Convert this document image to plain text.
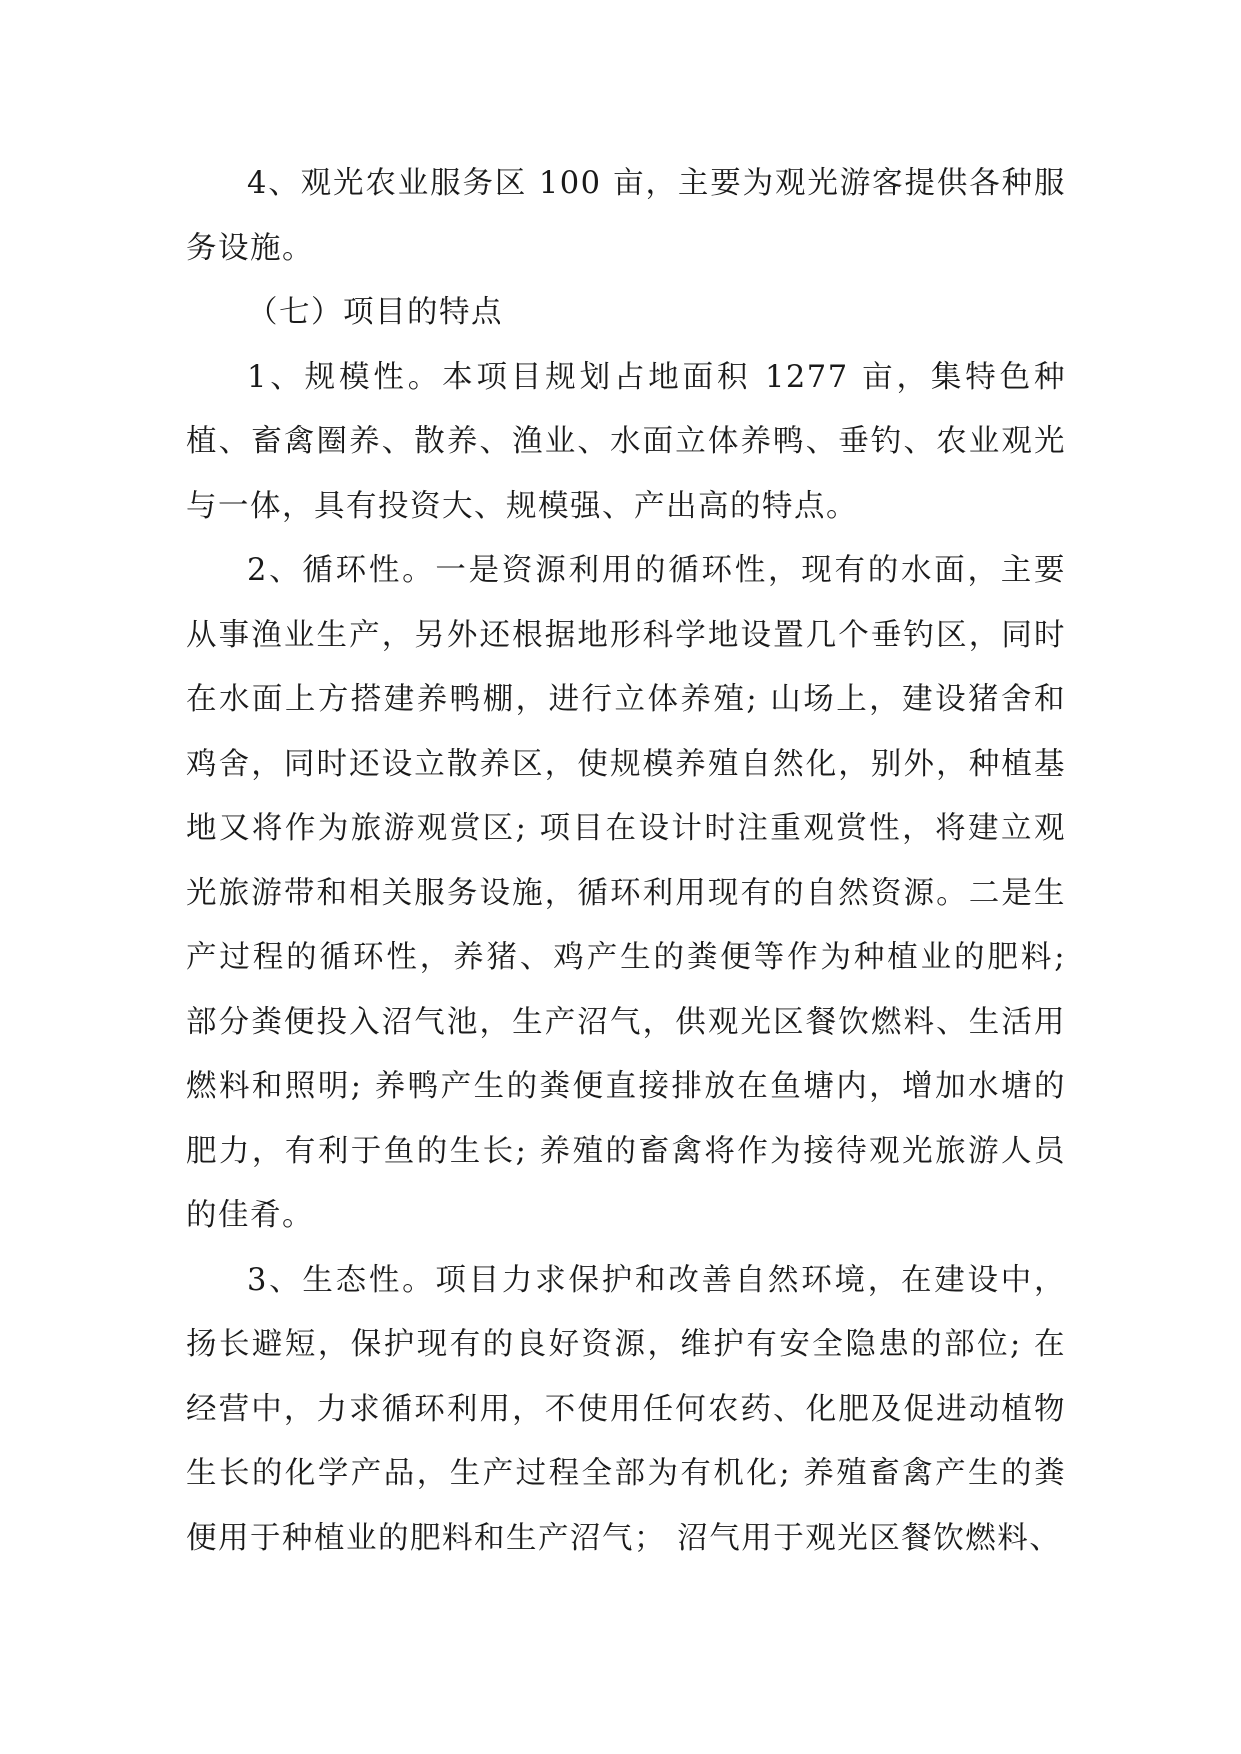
4、观光农业服务区 100 亩，主要为观光游客提供各种服务设施。

（七）项目的特点

1、规模性。本项目规划占地面积 1277 亩，集特色种植、畜禽圈养、散养、渔业、水面立体养鸭、垂钓、农业观光与一体，具有投资大、规模强、产出高的特点。

2、循环性。一是资源利用的循环性，现有的水面，主要从事渔业生产，另外还根据地形科学地设置几个垂钓区，同时在水面上方搭建养鸭棚，进行立体养殖; 山场上，建设猪舍和鸡舍，同时还设立散养区，使规模养殖自然化，别外，种植基地又将作为旅游观赏区; 项目在设计时注重观赏性，将建立观光旅游带和相关服务设施，循环利用现有的自然资源。二是生产过程的循环性，养猪、鸡产生的粪便等作为种植业的肥料; 部分粪便投入沼气池，生产沼气，供观光区餐饮燃料、生活用燃料和照明; 养鸭产生的粪便直接排放在鱼塘内，增加水塘的肥力，有利于鱼的生长; 养殖的畜禽将作为接待观光旅游人员的佳肴。

3、生态性。项目力求保护和改善自然环境，在建设中，扬长避短，保护现有的良好资源，维护有安全隐患的部位; 在经营中，力求循环利用，不使用任何农药、化肥及促进动植物生长的化学产品，生产过程全部为有机化; 养殖畜禽产生的粪便用于种植业的肥料和生产沼气； 沼气用于观光区餐饮燃料、
